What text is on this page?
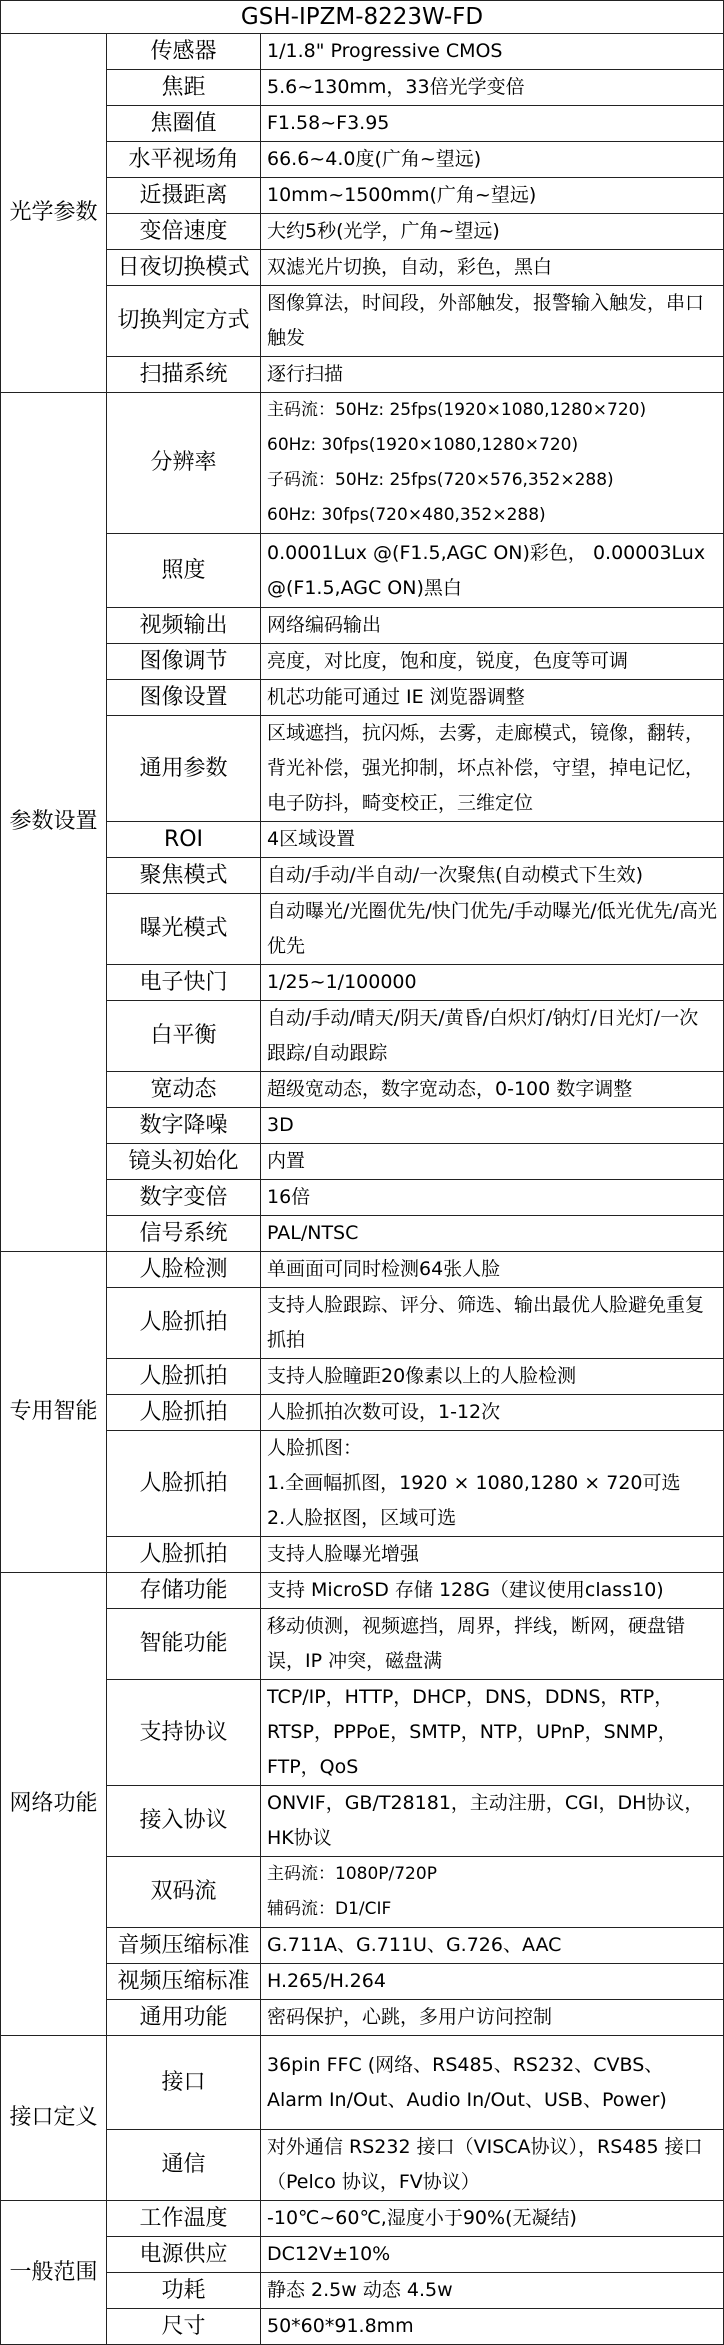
GSH-IPZM-8223W-FD		
光学参数	传感器	1/1.8" Progressive CMOS

	焦距	5.6~130mm，33倍光学变倍

	焦圈值	F1.58~F3.95

	水平视场角	66.6~4.0度(广角~望远)

	近摄距离	10mm~1500mm(广角~望远)

	变倍速度	大约5秒(光学，广角~望远)

	日夜切换模式	双滤光片切换，自动，彩色，黑白

	切换判定方式	图像算法，时间段，外部触发，报警输入触发，串口触发

	扫描系统	逐行扫描

参数设置	分辨率	主码流：50Hz: 25fps(1920×1080,1280×720)
60Hz: 30fps(1920×1080,1280×720)
子码流：50Hz: 25fps(720×576,352×288)
60Hz: 30fps(720×480,352×288)

	照度	0.0001Lux @(F1.5,AGC ON)彩色， 0.00003Lux @(F1.5,AGC ON)黑白

	视频输出	网络编码输出

	图像调节	亮度，对比度，饱和度，锐度，色度等可调

	图像设置	机芯功能可通过 IE 浏览器调整

	通用参数	区域遮挡，抗闪烁，去雾，走廊模式，镜像，翻转，背光补偿，强光抑制，坏点补偿，守望，掉电记忆，电子防抖，畸变校正，三维定位

	ROI	4区域设置

	聚焦模式	自动/手动/半自动/一次聚焦(自动模式下生效)

	曝光模式	自动曝光/光圈优先/快门优先/手动曝光/低光优先/高光优先

	电子快门	1/25~1/100000

	白平衡	自动/手动/晴天/阴天/黄昏/白炽灯/钠灯/日光灯/一次跟踪/自动跟踪

	宽动态	超级宽动态，数字宽动态，0-100 数字调整

	数字降噪	3D

	镜头初始化	内置

	数字变倍	16倍

	信号系统	PAL/NTSC

专用智能	人脸检测	单画面可同时检测64张人脸

	人脸抓拍	支持人脸跟踪、评分、筛选、输出最优人脸避免重复抓拍

	人脸抓拍	支持人脸瞳距20像素以上的人脸检测

	人脸抓拍	人脸抓拍次数可设，1-12次

	人脸抓拍	人脸抓图：
1.全画幅抓图，1920 × 1080,1280 × 720可选
2.人脸抠图，区域可选

	人脸抓拍	支持人脸曝光增强

网络功能	存储功能	支持 MicroSD 存储 128G（建议使用class10)

	智能功能	移动侦测，视频遮挡，周界，拌线，断网，硬盘错误，IP 冲突，磁盘满

	支持协议	TCP/IP，HTTP，DHCP，DNS，DDNS，RTP，RTSP，PPPoE，SMTP，NTP，UPnP，SNMP，FTP，QoS

	接入协议	ONVIF，GB/T28181，主动注册，CGI，DH协议，HK协议

	双码流	主码流：1080P/720P
辅码流：D1/CIF

	音频压缩标准	G.711A、G.711U、G.726、AAC

	视频压缩标准	H.265/H.264

	通用功能	密码保护，心跳，多用户访问控制

接口定义	接口	36pin FFC (网络、RS485、RS232、CVBS、Alarm In/Out、Audio In/Out、USB、Power)

	通信	对外通信 RS232 接口（VISCA协议），RS485 接口（Pelco 协议，FV协议）

一般范围	工作温度	-10℃~60℃,湿度小于90%(无凝结)

	电源供应	DC12V±10%

	功耗	静态 2.5w 动态 4.5w

	尺寸	50*60*91.8mm
